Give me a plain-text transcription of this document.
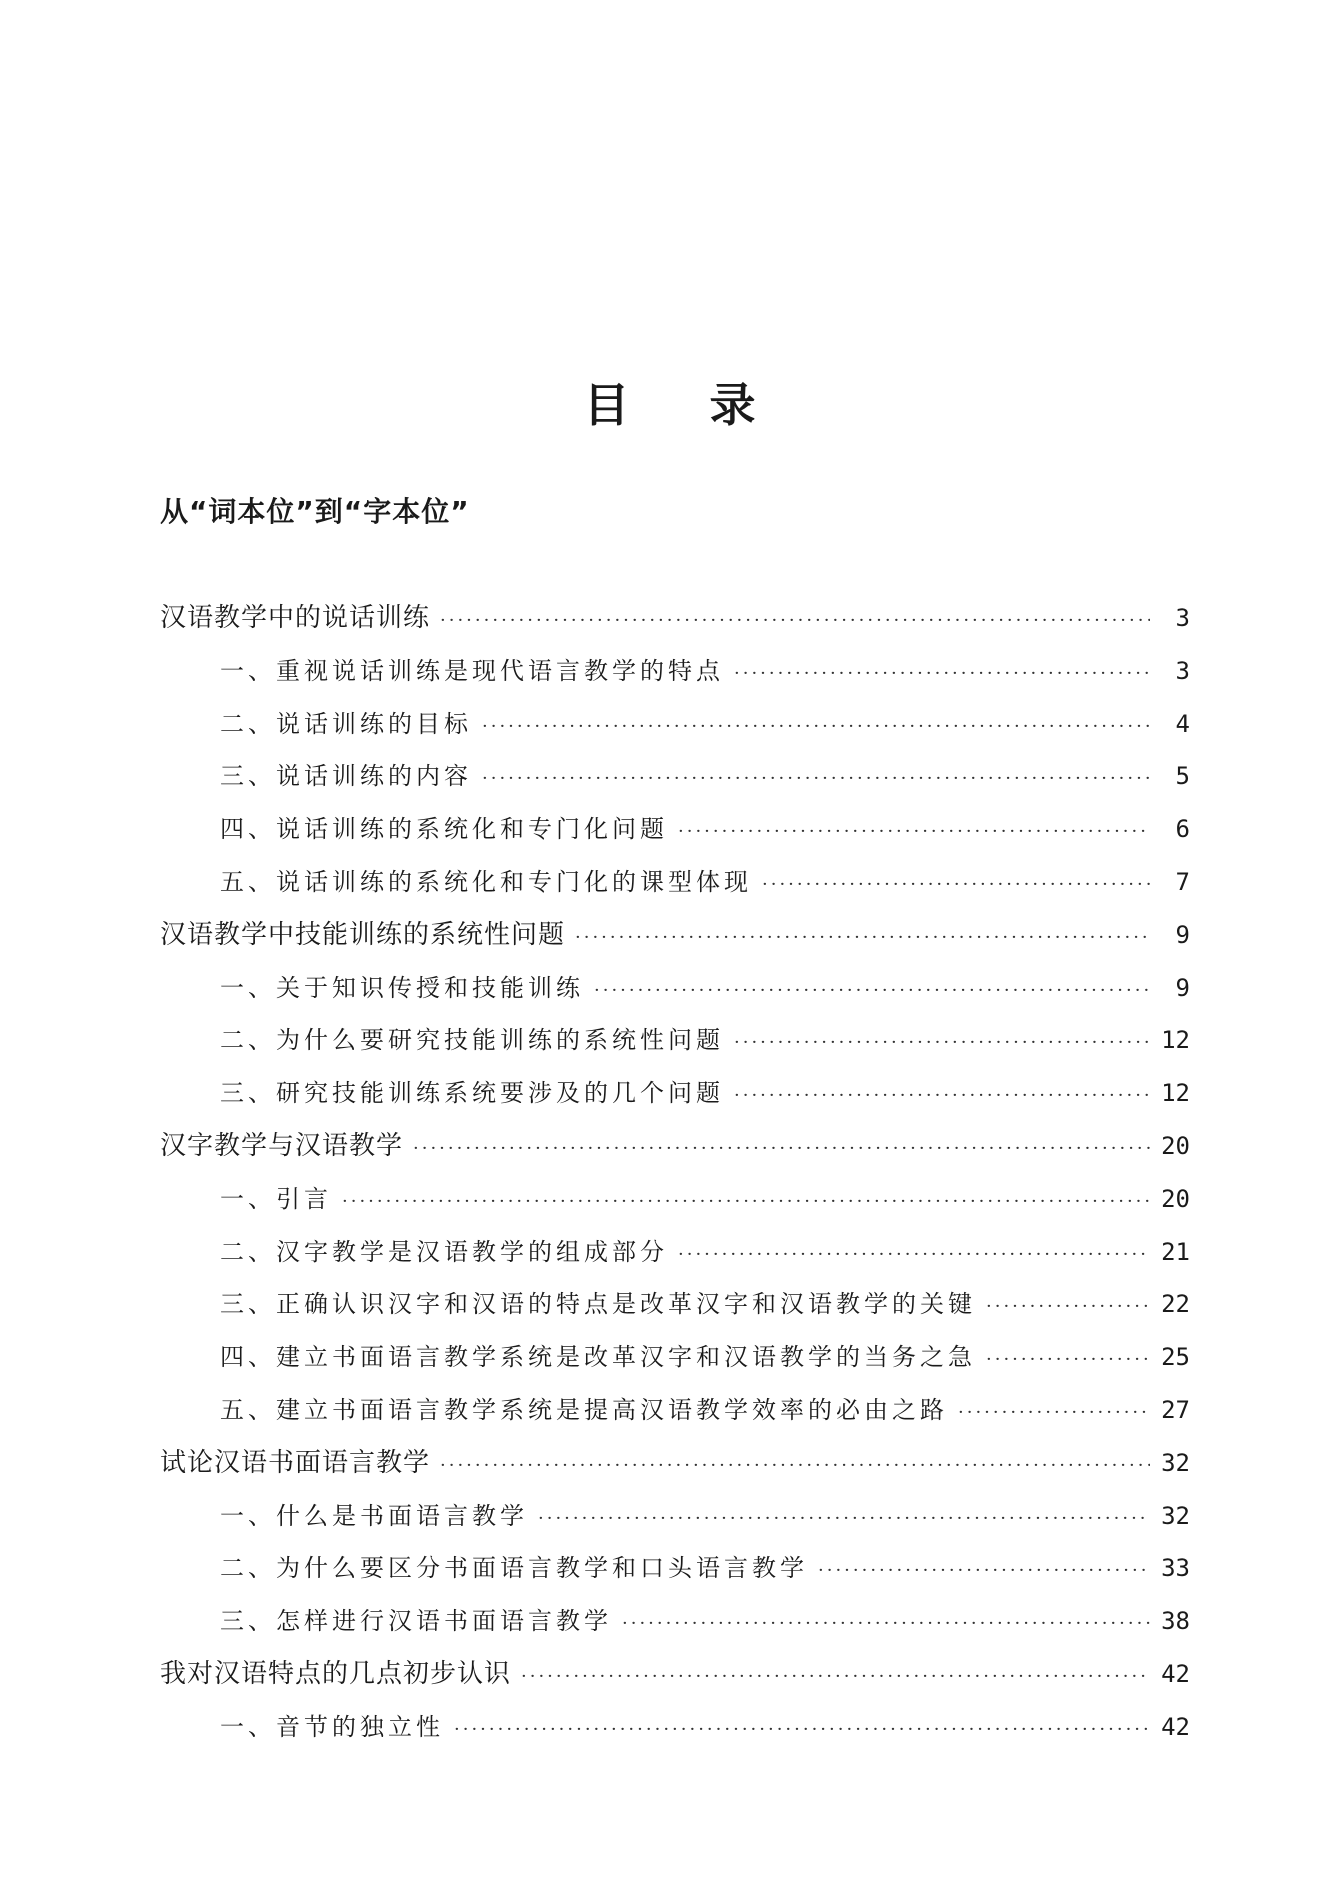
目录
从“词本位”到“字本位”
汉语教学中的说话训练 ·····	3
一、重视说话训练是现代语言教学的特点 ·····	3
二、说话训练的目标 ·····	4
三、说话训练的内容 ·····	5
四、说话训练的系统化和专门化问题 ·····	6
五、说话训练的系统化和专门化的课型体现 ·····	7
汉语教学中技能训练的系统性问题 ·····	9
一、关于知识传授和技能训练 ·····	9
二、为什么要研究技能训练的系统性问题 ·····	12
三、研究技能训练系统要涉及的几个问题 ·····	12
汉字教学与汉语教学 ·····	20
一、引言 ·····	20
二、汉字教学是汉语教学的组成部分 ·····	21
三、正确认识汉字和汉语的特点是改革汉字和汉语教学的关键 ·····	22
四、建立书面语言教学系统是改革汉字和汉语教学的当务之急 ·····	25
五、建立书面语言教学系统是提高汉语教学效率的必由之路 ·····	27
试论汉语书面语言教学 ·····	32
一、什么是书面语言教学 ·····	32
二、为什么要区分书面语言教学和口头语言教学 ·····	33
三、怎样进行汉语书面语言教学 ·····	38
我对汉语特点的几点初步认识 ·····	42
一、音节的独立性 ·····	42
